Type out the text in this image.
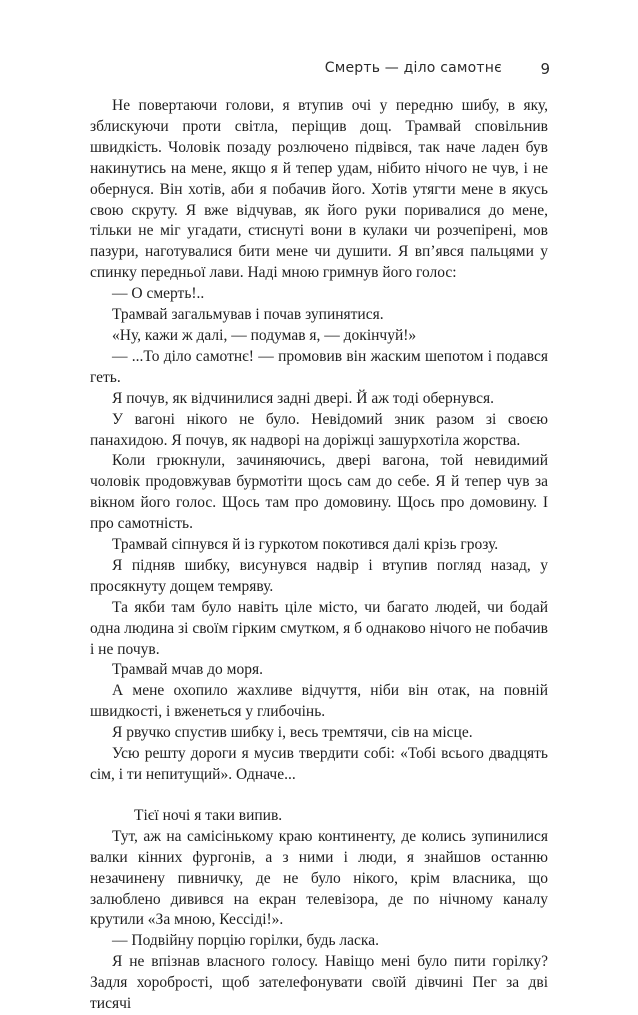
Смерть — діло самотнє	9

Не повертаючи голови, я втупив очі у передню шибу, в яку, зблискуючи проти світла, періщив дощ. Трамвай сповільнив швидкість. Чоловік позаду розлючено підвівся, так наче ладен був накинутись на мене, якщо я й тепер удам, нібито нічого не чув, і не обернуся. Він хотів, аби я побачив його. Хотів утягти мене в якусь свою скруту. Я вже відчував, як його руки поривалися до мене, тільки не міг угадати, стиснуті вони в кулаки чи розчепірені, мов пазури, наготувалися бити мене чи душити. Я вп’явся пальцями у спинку передньої лави. Наді мною гримнув його голос:

— О смерть!..

Трамвай загальмував і почав зупинятися.

«Ну, кажи ж далі, — подумав я, — докінчуй!»

— ...То діло самотнє! — промовив він жаским шепотом і подався геть.

Я почув, як відчинилися задні двері. Й аж тоді обернувся.

У вагоні нікого не було. Невідомий зник разом зі своєю панахидою. Я почув, як надворі на доріжці зашурхотіла жорства.

Коли грюкнули, зачиняючись, двері вагона, той невидимий чоловік продовжував бурмотіти щось сам до себе. Я й тепер чув за вікном його голос. Щось там про домовину. Щось про домовину. І про самотність.

Трамвай сіпнувся й із гуркотом покотився далі крізь грозу.

Я підняв шибку, висунувся надвір і втупив погляд назад, у просякнуту дощем темряву.

Та якби там було навіть ціле місто, чи багато людей, чи бодай одна людина зі своїм гірким смутком, я б однаково нічого не побачив і не почув.

Трамвай мчав до моря.

А мене охопило жахливе відчуття, ніби він отак, на повній швидкості, і вженеться у глибочінь.

Я рвучко спустив шибку і, весь тремтячи, сів на місце.

Усю решту дороги я мусив твердити собі: «Тобі всього двадцять сім, і ти непитущий». Одначе...

Тієї ночі я таки випив.

Тут, аж на самісінькому краю континенту, де колись зупинилися валки кінних фургонів, а з ними і люди, я знайшов останню незачинену пивничку, де не було нікого, крім власника, що залюблено дивився на екран телевізора, де по нічному каналу крутили «За мною, Кессіді!».

— Подвійну порцію горілки, будь ласка.

Я не впізнав власного голосу. Навіщо мені було пити горілку? Задля хоробрості, щоб зателефонувати своїй дівчині Пег за дві тисячі
